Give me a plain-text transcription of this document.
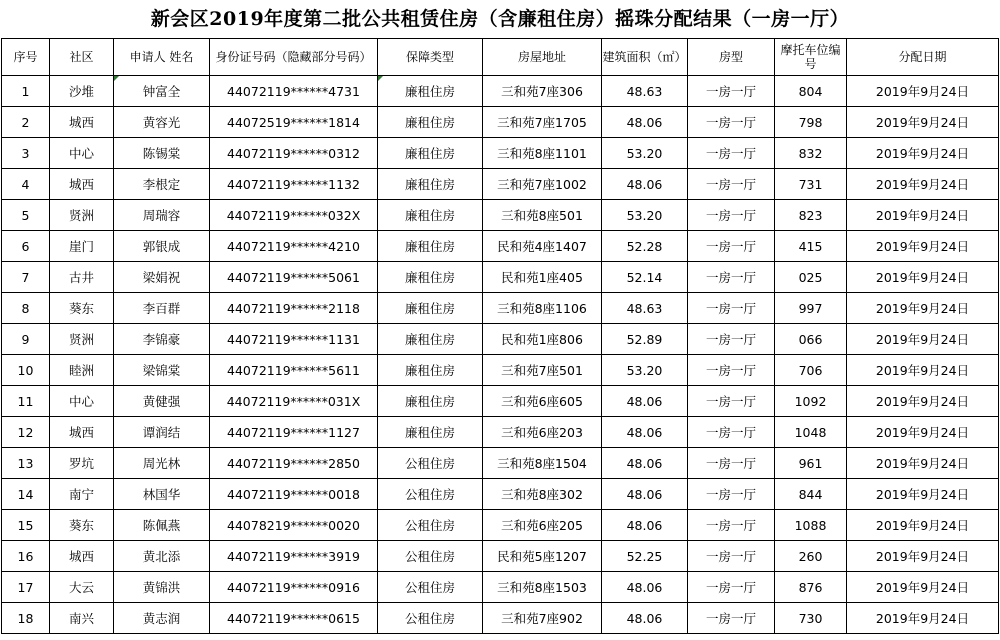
新会区2019年度第二批公共租赁住房（含廉租住房）摇珠分配结果（一房一厅）
序号	社区	申请人 姓名	身份证号码（隐藏部分号码）	保障类型	房屋地址	建筑面积（㎡）	房型	摩托车位编号	分配日期
1	沙堆	钟富全	44072119******4731	廉租住房	三和苑7座306	48.63	一房一厅	804	2019年9月24日
2	城西	黄容光	44072519******1814	廉租住房	三和苑7座1705	48.06	一房一厅	798	2019年9月24日
3	中心	陈锡棠	44072119******0312	廉租住房	三和苑8座1101	53.20	一房一厅	832	2019年9月24日
4	城西	李根定	44072119******1132	廉租住房	三和苑7座1002	48.06	一房一厅	731	2019年9月24日
5	贤洲	周瑞容	44072119******032X	廉租住房	三和苑8座501	53.20	一房一厅	823	2019年9月24日
6	崖门	郭银成	44072119******4210	廉租住房	民和苑4座1407	52.28	一房一厅	415	2019年9月24日
7	古井	梁娟祝	44072119******5061	廉租住房	民和苑1座405	52.14	一房一厅	025	2019年9月24日
8	葵东	李百群	44072119******2118	廉租住房	三和苑8座1106	48.63	一房一厅	997	2019年9月24日
9	贤洲	李锦豪	44072119******1131	廉租住房	民和苑1座806	52.89	一房一厅	066	2019年9月24日
10	睦洲	梁锦棠	44072119******5611	廉租住房	三和苑7座501	53.20	一房一厅	706	2019年9月24日
11	中心	黄健强	44072119******031X	廉租住房	三和苑6座605	48.06	一房一厅	1092	2019年9月24日
12	城西	谭润结	44072119******1127	廉租住房	三和苑6座203	48.06	一房一厅	1048	2019年9月24日
13	罗坑	周光林	44072119******2850	公租住房	三和苑8座1504	48.06	一房一厅	961	2019年9月24日
14	南宁	林国华	44072119******0018	公租住房	三和苑8座302	48.06	一房一厅	844	2019年9月24日
15	葵东	陈佩燕	44078219******0020	公租住房	三和苑6座205	48.06	一房一厅	1088	2019年9月24日
16	城西	黄北添	44072119******3919	公租住房	民和苑5座1207	52.25	一房一厅	260	2019年9月24日
17	大云	黄锦洪	44072119******0916	公租住房	三和苑8座1503	48.06	一房一厅	876	2019年9月24日
18	南兴	黄志润	44072119******0615	公租住房	三和苑7座902	48.06	一房一厅	730	2019年9月24日
